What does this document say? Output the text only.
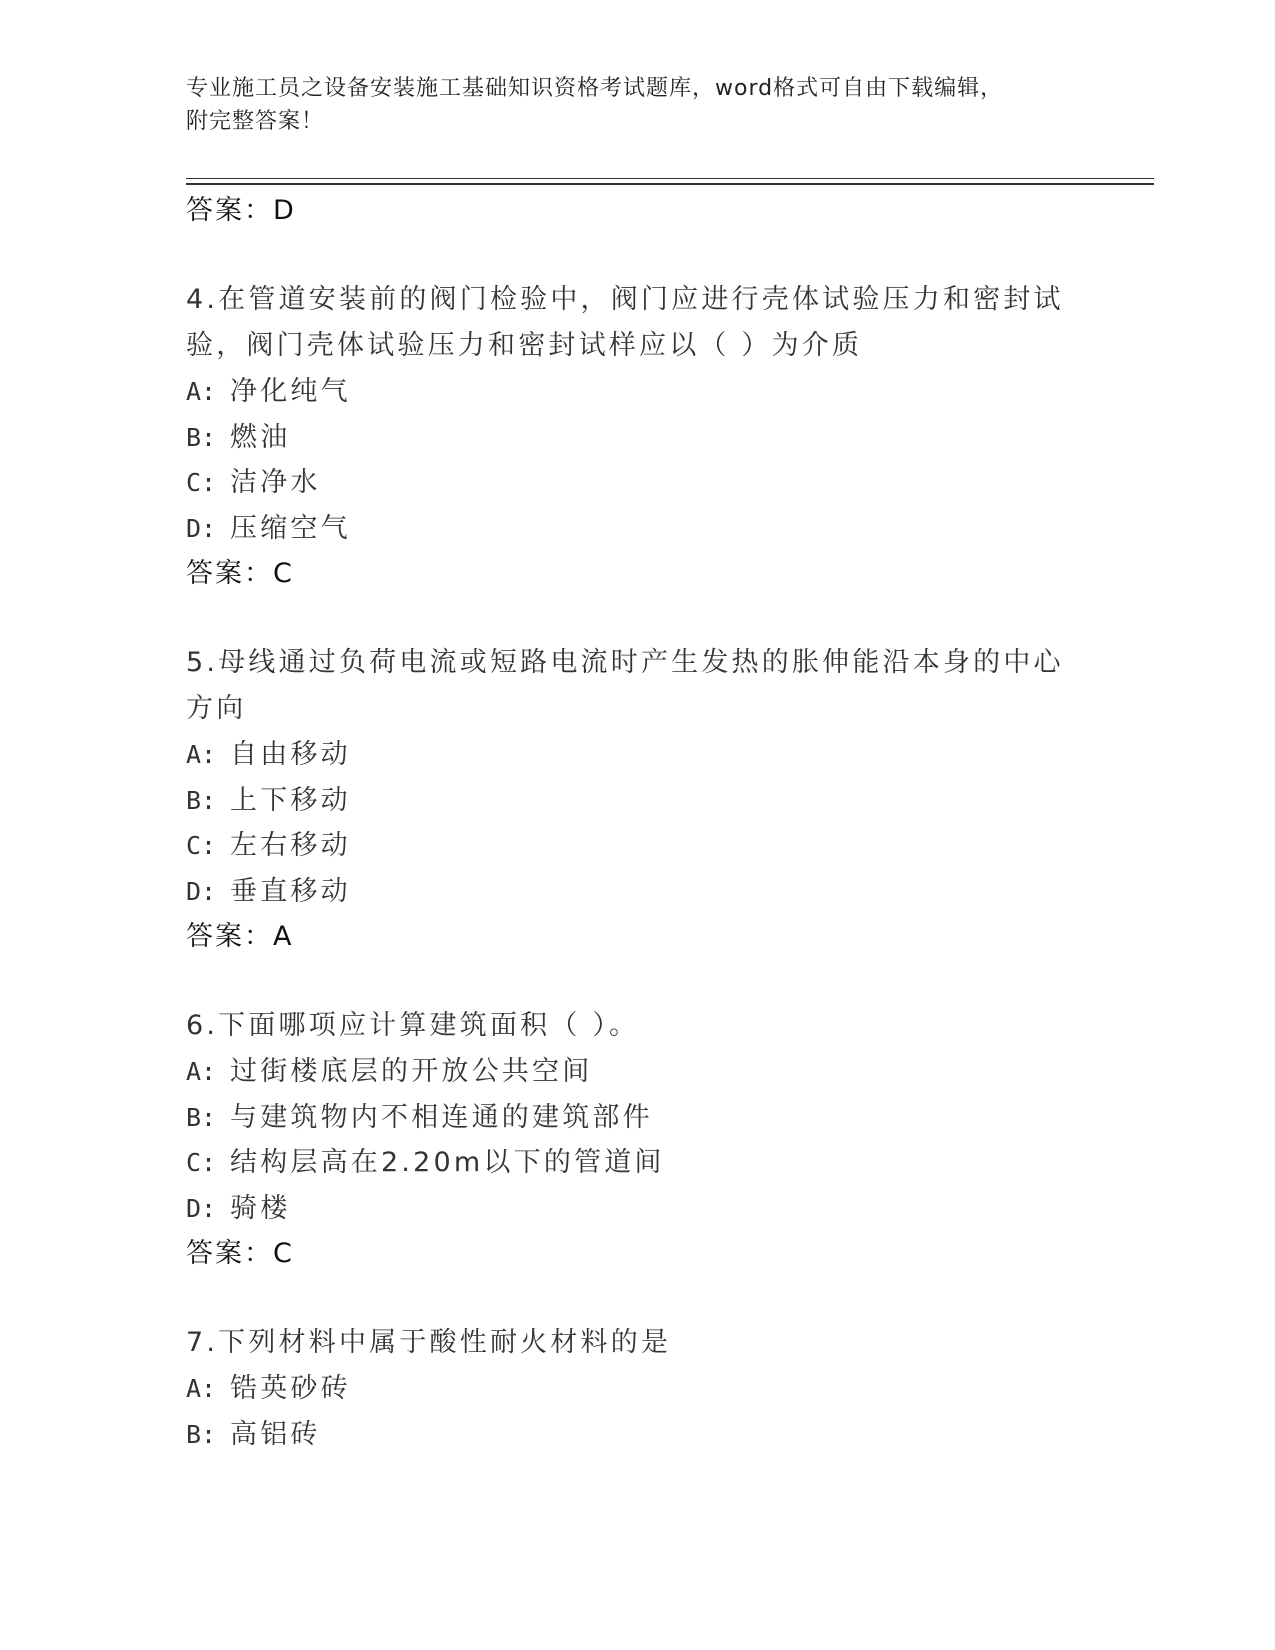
专业施工员之设备安装施工基础知识资格考试题库，word格式可自由下载编辑，
附完整答案！
答案：D
4.在管道安装前的阀门检验中，阀门应进行壳体试验压力和密封试验，阀门壳体试验压力和密封试样应以（ ）为介质
A: 净化纯气
B: 燃油
C: 洁净水
D: 压缩空气
答案：C
5.母线通过负荷电流或短路电流时产生发热的胀伸能沿本身的中心方向
A: 自由移动
B: 上下移动
C: 左右移动
D: 垂直移动
答案：A
6.下面哪项应计算建筑面积（ ）。
A: 过街楼底层的开放公共空间
B: 与建筑物内不相连通的建筑部件
C: 结构层高在2.20m以下的管道间
D: 骑楼
答案：C
7.下列材料中属于酸性耐火材料的是
A: 锆英砂砖
B: 高铝砖
